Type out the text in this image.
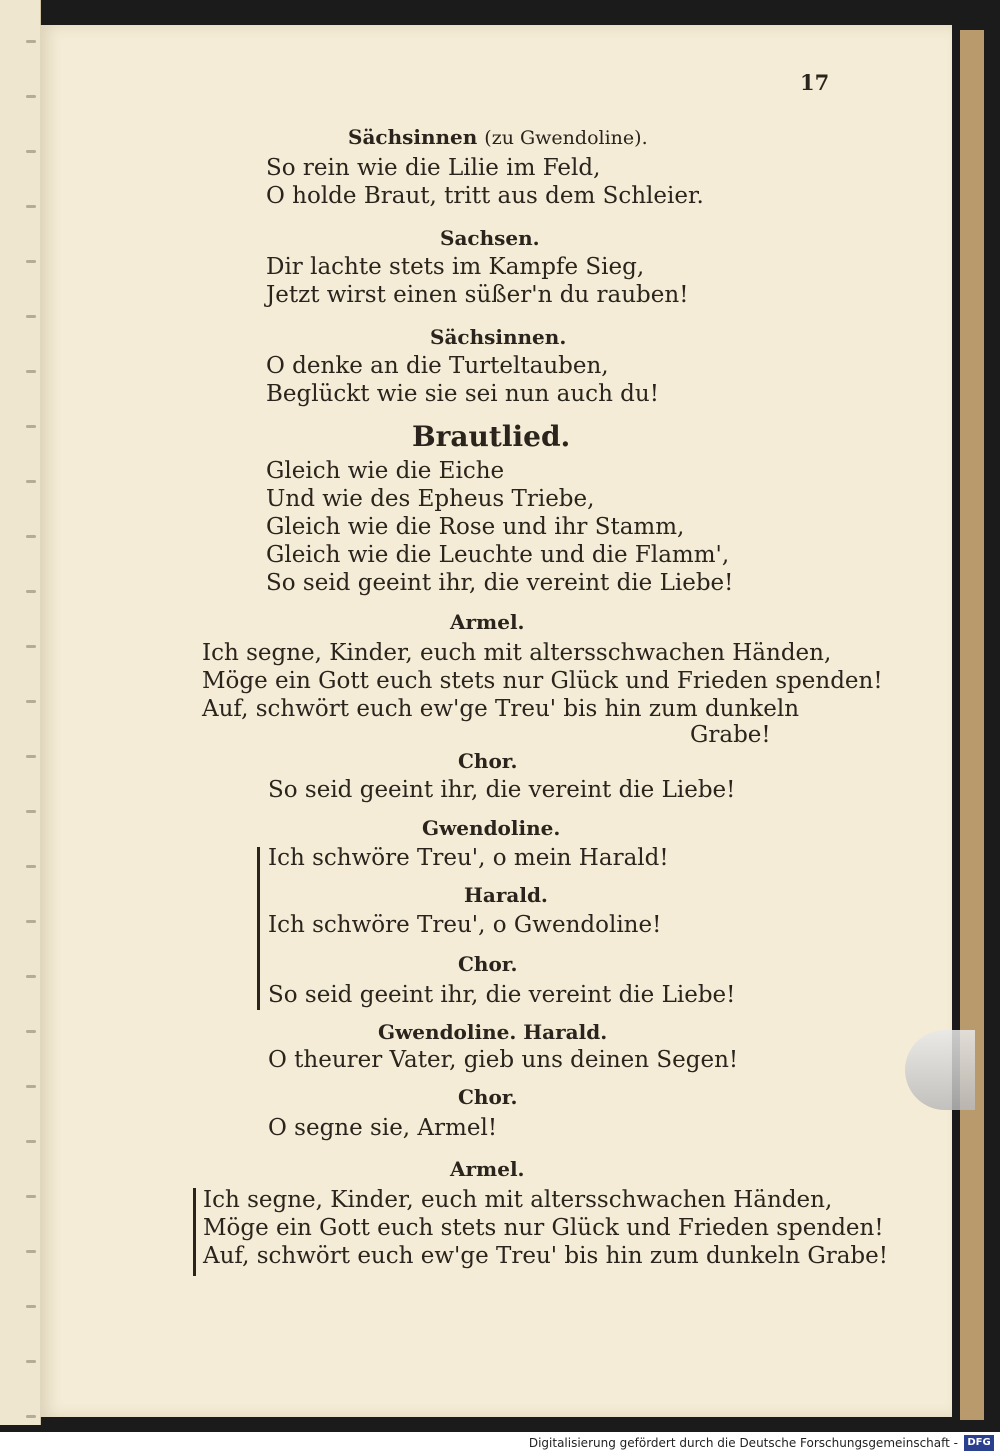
17
Sächsinnen (zu Gwendoline).
So rein wie die Lilie im Feld,
O holde Braut, tritt aus dem Schleier.
Sachsen.
Dir lachte stets im Kampfe Sieg,
Jetzt wirst einen süßer'n du rauben!
Sächsinnen.
O denke an die Turteltauben,
Beglückt wie sie sei nun auch du!
Brautlied.
Gleich wie die Eiche
Und wie des Epheus Triebe,
Gleich wie die Rose und ihr Stamm,
Gleich wie die Leuchte und die Flamm',
So seid geeint ihr, die vereint die Liebe!
Armel.
Ich segne, Kinder, euch mit altersschwachen Händen,
Möge ein Gott euch stets nur Glück und Frieden spenden!
Auf, schwört euch ew'ge Treu' bis hin zum dunkeln
Grabe!
Chor.
So seid geeint ihr, die vereint die Liebe!
Gwendoline.
Ich schwöre Treu', o mein Harald!
Harald.
Ich schwöre Treu', o Gwendoline!
Chor.
So seid geeint ihr, die vereint die Liebe!
Gwendoline. Harald.
O theurer Vater, gieb uns deinen Segen!
Chor.
O segne sie, Armel!
Armel.
Ich segne, Kinder, euch mit altersschwachen Händen,
Möge ein Gott euch stets nur Glück und Frieden spenden!
Auf, schwört euch ew'ge Treu' bis hin zum dunkeln Grabe!
Digitalisierung gefördert durch die Deutsche Forschungsgemeinschaft - DFG
